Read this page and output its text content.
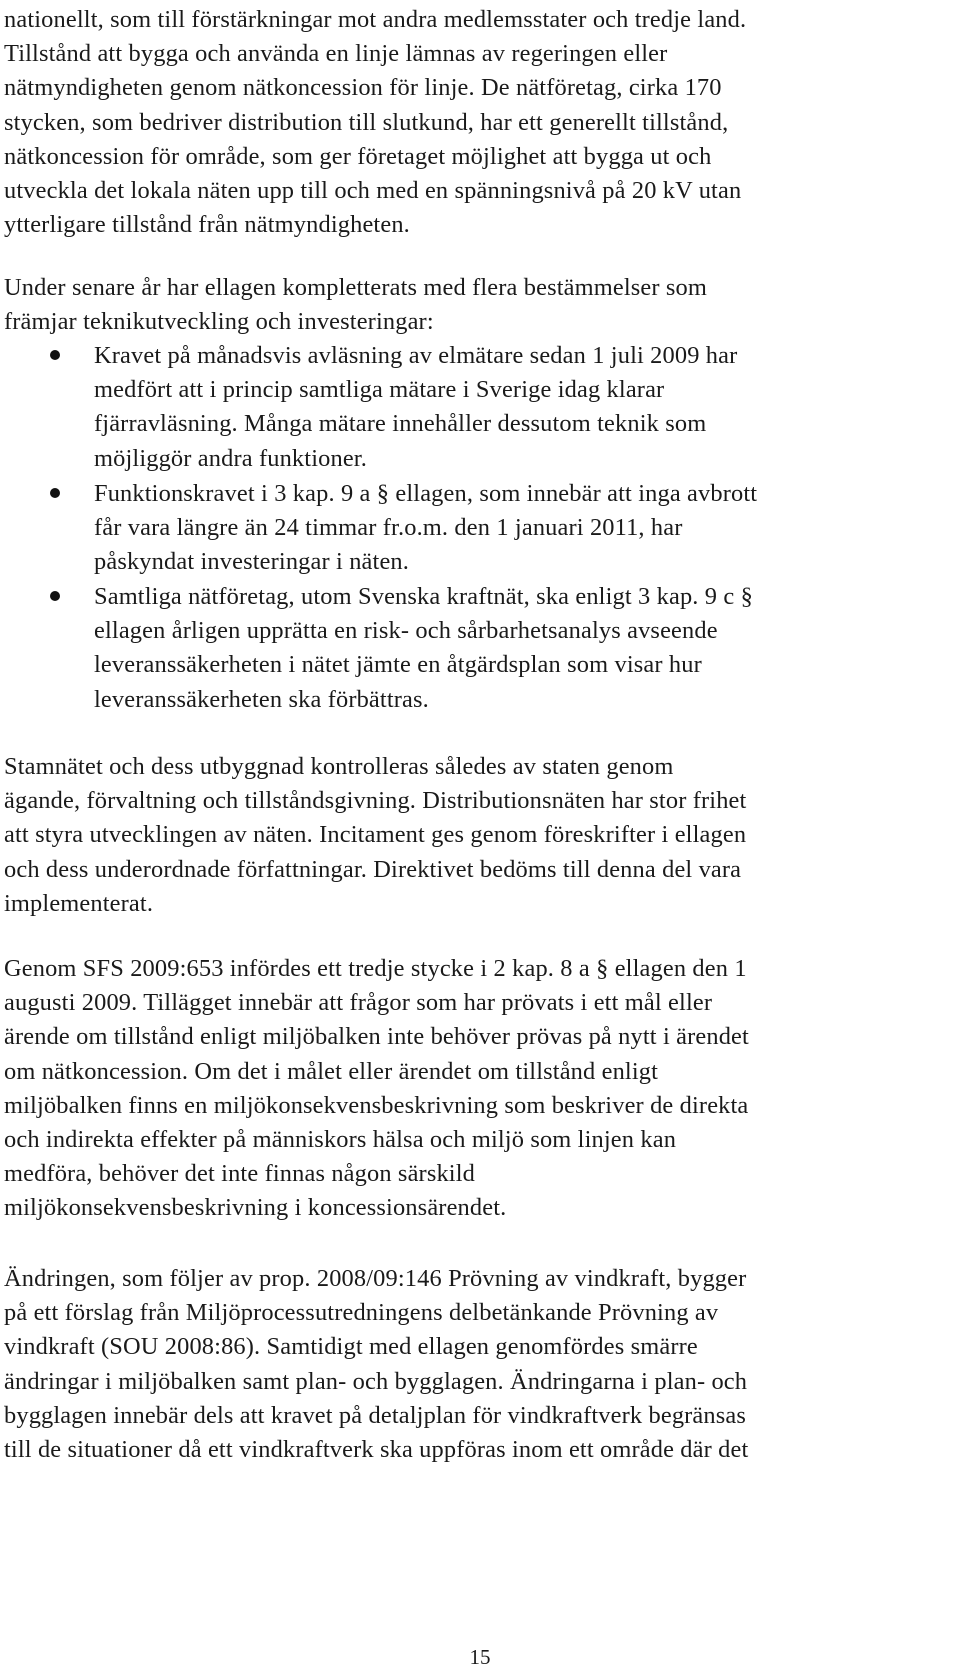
nationellt, som till förstärkningar mot andra medlemsstater och tredje land.
Tillstånd att bygga och använda en linje lämnas av regeringen eller
nätmyndigheten genom nätkoncession för linje. De nätföretag, cirka 170
stycken, som bedriver distribution till slutkund, har ett generellt tillstånd,
nätkoncession för område, som ger företaget möjlighet att bygga ut och
utveckla det lokala näten upp till och med en spänningsnivå på 20 kV utan
ytterligare tillstånd från nätmyndigheten.

Under senare år har ellagen kompletterats med flera bestämmelser som
främjar teknikutveckling och investeringar:

Kravet på månadsvis avläsning av elmätare sedan 1 juli 2009 har
medfört att i princip samtliga mätare i Sverige idag klarar
fjärravläsning. Många mätare innehåller dessutom teknik som
möjliggör andra funktioner.
Funktionskravet i 3 kap. 9 a § ellagen, som innebär att inga avbrott
får vara längre än 24 timmar fr.o.m. den 1 januari 2011, har
påskyndat investeringar i näten.
Samtliga nätföretag, utom Svenska kraftnät, ska enligt 3 kap. 9 c §
ellagen årligen upprätta en risk- och sårbarhetsanalys avseende
leveranssäkerheten i nätet jämte en åtgärdsplan som visar hur
leveranssäkerheten ska förbättras.

Stamnätet och dess utbyggnad kontrolleras således av staten genom
ägande, förvaltning och tillståndsgivning. Distributionsnäten har stor frihet
att styra utvecklingen av näten. Incitament ges genom föreskrifter i ellagen
och dess underordnade författningar. Direktivet bedöms till denna del vara
implementerat.

Genom SFS 2009:653 infördes ett tredje stycke i 2 kap. 8 a § ellagen den 1
augusti 2009. Tillägget innebär att frågor som har prövats i ett mål eller
ärende om tillstånd enligt miljöbalken inte behöver prövas på nytt i ärendet
om nätkoncession. Om det i målet eller ärendet om tillstånd enligt
miljöbalken finns en miljökonsekvensbeskrivning som beskriver de direkta
och indirekta effekter på människors hälsa och miljö som linjen kan
medföra, behöver det inte finnas någon särskild
miljökonsekvensbeskrivning i koncessionsärendet.

Ändringen, som följer av prop. 2008/09:146 Prövning av vindkraft, bygger
på ett förslag från Miljöprocessutredningens delbetänkande Prövning av
vindkraft (SOU 2008:86). Samtidigt med ellagen genomfördes smärre
ändringar i miljöbalken samt plan- och bygglagen. Ändringarna i plan- och
bygglagen innebär dels att kravet på detaljplan för vindkraftverk begränsas
till de situationer då ett vindkraftverk ska uppföras inom ett område där det

15
